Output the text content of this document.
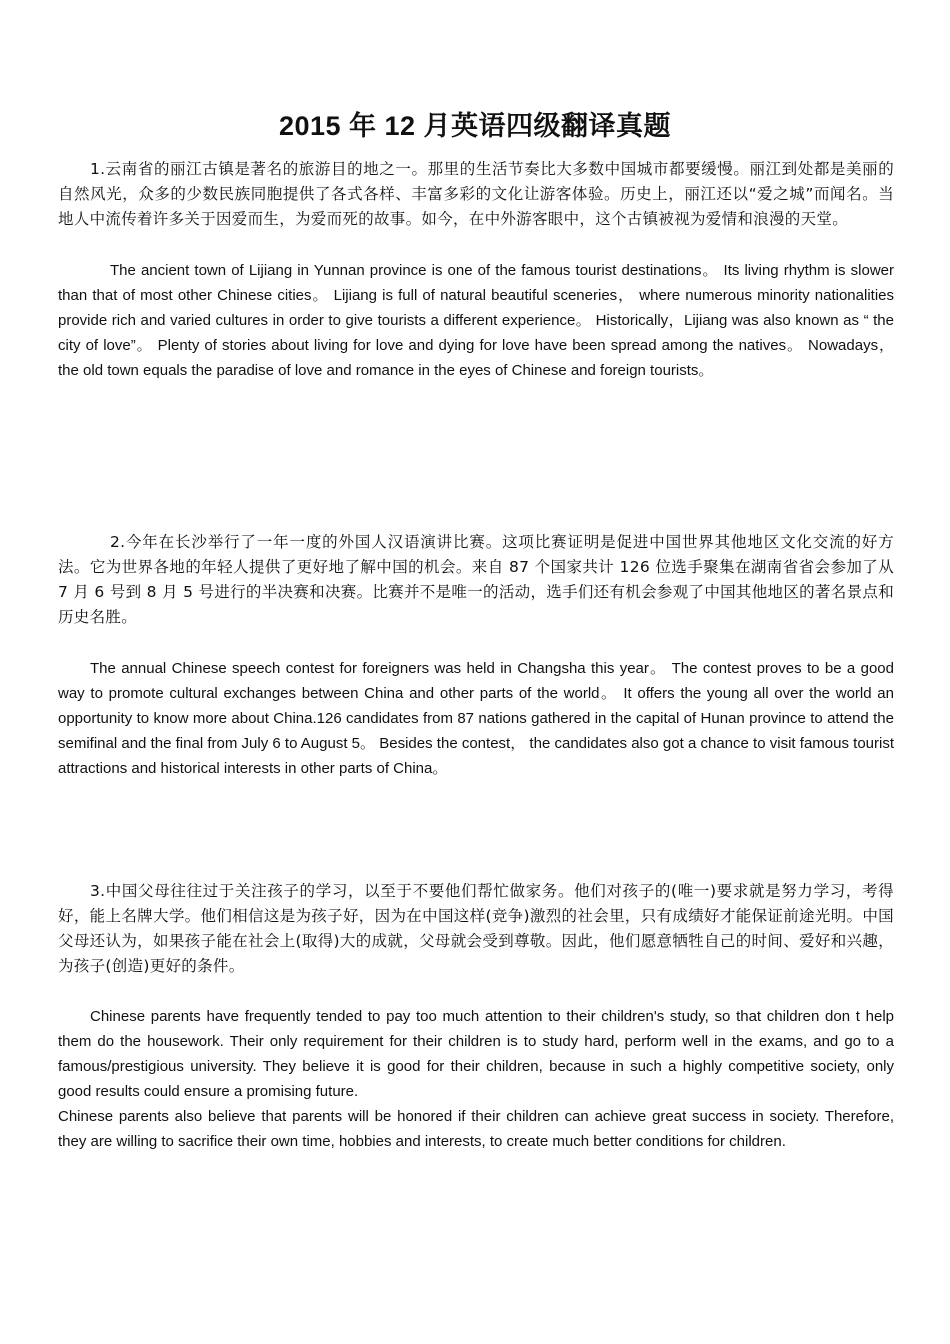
2015 年 12 月英语四级翻译真题

1.云南省的丽江古镇是著名的旅游目的地之一。那里的生活节奏比大多数中国城市都要缓慢。丽江到处都是美丽的自然风光，众多的少数民族同胞提供了各式各样、丰富多彩的文化让游客体验。历史上，丽江还以“爱之城”而闻名。当地人中流传着许多关于因爱而生，为爱而死的故事。如今，在中外游客眼中，这个古镇被视为爱情和浪漫的天堂。

The ancient town of Lijiang in Yunnan province is one of the famous tourist destinations。 Its living rhythm is slower than that of most other Chinese cities。 Lijiang is full of natural beautiful sceneries， where numerous minority nationalities provide rich and varied cultures in order to give tourists a different experience。 Historically，Lijiang was also known as “ the city of love”。 Plenty of stories about living for love and dying for love have been spread among the natives。 Nowadays， the old town equals the paradise of love and romance in the eyes of Chinese and foreign tourists。

2.今年在长沙举行了一年一度的外国人汉语演讲比赛。这项比赛证明是促进中国世界其他地区文化交流的好方法。它为世界各地的年轻人提供了更好地了解中国的机会。来自 87 个国家共计 126 位选手聚集在湖南省省会参加了从 7 月 6 号到 8 月 5 号进行的半决赛和决赛。比赛并不是唯一的活动，选手们还有机会参观了中国其他地区的著名景点和历史名胜。

The annual Chinese speech contest for foreigners was held in Changsha this year。 The contest proves to be a good way to promote cultural exchanges between China and other parts of the world。 It offers the young all over the world an opportunity to know more about China.126 candidates from 87 nations gathered in the capital of Hunan province to attend the semifinal and the final from July 6 to August 5。 Besides the contest， the candidates also got a chance to visit famous tourist attractions and historical interests in other parts of China。

3.中国父母往往过于关注孩子的学习，以至于不要他们帮忙做家务。他们对孩子的(唯一)要求就是努力学习，考得好，能上名牌大学。他们相信这是为孩子好，因为在中国这样(竞争)激烈的社会里，只有成绩好才能保证前途光明。中国父母还认为，如果孩子能在社会上(取得)大的成就，父母就会受到尊敬。因此，他们愿意牺牲自己的时间、爱好和兴趣，为孩子(创造)更好的条件。

Chinese parents have frequently tended to pay too much attention to their children's study, so that children don t help them do the housework. Their only requirement for their children is to study hard, perform well in the exams, and go to a famous/prestigious university. They believe it is good for their children, because in such a highly competitive society, only good results could ensure a promising future.

Chinese parents also believe that parents will be honored if their children can achieve great success in society. Therefore, they are willing to sacrifice their own time, hobbies and interests, to create much better conditions for children.
